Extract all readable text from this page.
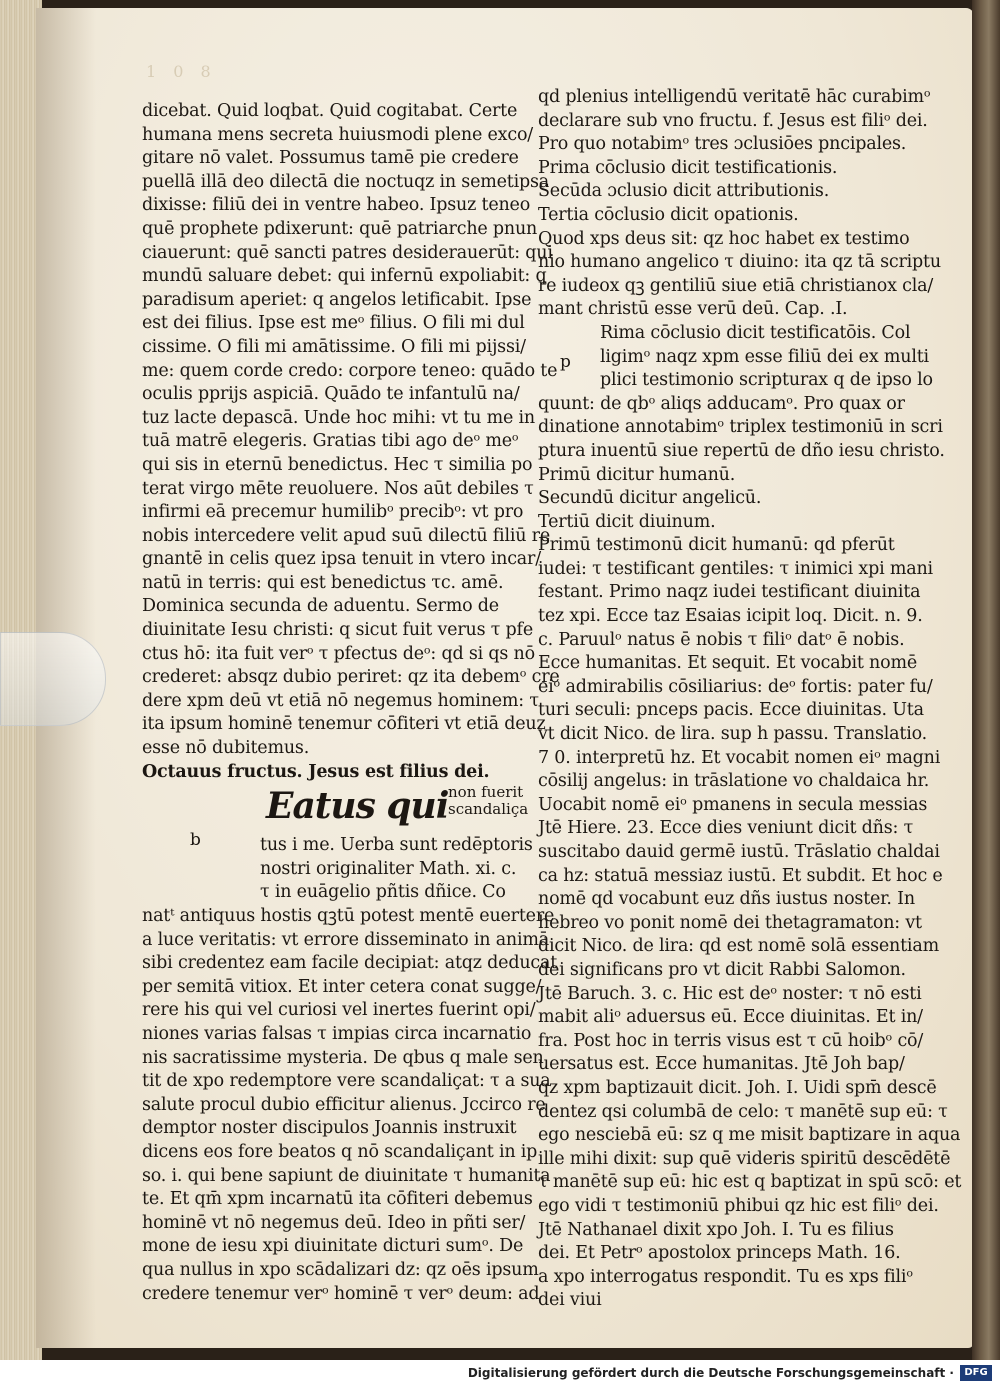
1 0 8
dicebat. Quid loqbat. Quid cogitabat. Certe
humana mens secreta huiusmodi plene exco/
gitare nō valet. Possumus tamē pie credere
puellā illā deo dilectā die noctuqz in semetipsa
dixisse: filiū dei in ventre habeo. Ipsuz teneo
quē prophete pdixerunt: quē patriarche pnun
ciauerunt: quē sancti patres desiderauerūt: qui
mundū saluare debet: qui infernū expoliabit: q
paradisum aperiet: q angelos letificabit. Ipse
est dei filius. Ipse est meᵒ filius. O fili mi dul
cissime. O fili mi amātissime. O fili mi pijssi/
me: quem corde credo: corpore teneo: quādo te
oculis pprijs aspiciā. Quādo te infantulū na/
tuz lacte depascā. Unde hoc mihi: vt tu me in
tuā matrē elegeris. Gratias tibi ago deᵒ meᵒ
qui sis in eternū benedictus. Hec τ similia po
terat virgo mēte reuoluere. Nos aūt debiles τ
infirmi eā precemur humilibᵒ precibᵒ: vt pro
nobis intercedere velit apud suū dilectū filiū re
gnantē in celis quez ipsa tenuit in vtero incar/
natū in terris: qui est benedictus τc. amē.
Dominica secunda de aduentu. Sermo de
diuinitate Iesu christi: q sicut fuit verus τ pfe
ctus hō: ita fuit verᵒ τ pfectus deᵒ: qd si qs nō
crederet: absqz dubio periret: qz ita debemᵒ cre
dere xpm deū vt etiā nō negemus hominem: τ
ita ipsum hominē tenemur cōfiteri vt etiā deuz
esse nō dubitemus.
Octauus fructus. Jesus est filius dei.
Eatus qui
b
non fuerit
scandaliça
tus i me. Uerba sunt redēptoris
nostri originaliter Math. xi. c.
τ in euāgelio pñtis dñice. Co
natᵗ antiquus hostis qꝫtū potest mentē euertere
a luce veritatis: vt errore disseminato in animā
sibi credentez eam facile decipiat: atqz deducat
per semitā vitiox. Et inter cetera conat sugge/
rere his qui vel curiosi vel inertes fuerint opi/
niones varias falsas τ impias circa incarnatio
nis sacratissime mysteria. De qbus q male sen
tit de xpo redemptore vere scandaliçat: τ a sua
salute procul dubio efficitur alienus. Jccirco re
demptor noster discipulos Joannis instruxit
dicens eos fore beatos q nō scandaliçant in ip
so. i. qui bene sapiunt de diuinitate τ humanita
te. Et qm̄ xpm incarnatū ita cōfiteri debemus
hominē vt nō negemus deū. Ideo in pñti ser/
mone de iesu xpi diuinitate dicturi sumᵒ. De
qua nullus in xpo scādalizari dz: qz oēs ipsum
credere tenemur verᵒ hominē τ verᵒ deum: ad
qd plenius intelligendū veritatē hāc curabimᵒ
declarare sub vno fructu. f. Jesus est filiᵒ dei.
Pro quo notabimᵒ tres ɔclusiōes pncipales.
Prima cōclusio dicit testificationis.
Secūda ɔclusio dicit attributionis.
Tertia cōclusio dicit opationis.
Quod xps deus sit: qz hoc habet ex testimo
nio humano angelico τ diuino: ita qz tā scriptu
re iudeox qꝫ gentiliū siue etiā christianox cla/
mant christū esse verū deū. Cap. .I.
Rima cōclusio dicit testificatōis. Col
p ligimᵒ naqz xpm esse filiū dei ex multi
plici testimonio scripturax q de ipso lo
quunt: de qbᵒ aliqs adducamᵒ. Pro quax or
dinatione annotabimᵒ triplex testimoniū in scri
ptura inuentū siue repertū de dño iesu christo.
Primū dicitur humanū.
Secundū dicitur angelicū.
Tertiū dicit diuinum.
Primū testimonū dicit humanū: qd pferūt
iudei: τ testificant gentiles: τ inimici xpi mani
festant. Primo naqz iudei testificant diuinita
tez xpi. Ecce taz Esaias icipit loq. Dicit. n. 9.
c. Paruulᵒ natus ē nobis τ filiᵒ datᵒ ē nobis.
Ecce humanitas. Et sequit. Et vocabit nomē
eiᵒ admirabilis cōsiliarius: deᵒ fortis: pater fu/
turi seculi: pnceps pacis. Ecce diuinitas. Uta
vt dicit Nico. de lira. sup h passu. Translatio.
7 0. interpretū hz. Et vocabit nomen eiᵒ magni
cōsilij angelus: in trāslatione vo chaldaica hr.
Uocabit nomē eiᵒ pmanens in secula messias
Jtē Hiere. 23. Ecce dies veniunt dicit dñs: τ
suscitabo dauid germē iustū. Trāslatio chaldai
ca hz: statuā messiaz iustū. Et subdit. Et hoc e
nomē qd vocabunt euz dñs iustus noster. In
hebreo vo ponit nomē dei thetagramaton: vt
dicit Nico. de lira: qd est nomē solā essentiam
dei significans pro vt dicit Rabbi Salomon.
Jtē Baruch. 3. c. Hic est deᵒ noster: τ nō esti
mabit aliᵒ aduersus eū. Ecce diuinitas. Et in/
fra. Post hoc in terris visus est τ cū hoibᵒ cō/
uersatus est. Ecce humanitas. Jtē Joh bap/
qz xpm baptizauit dicit. Joh. I. Uidi spm̄ descē
dentez qsi columbā de celo: τ manētē sup eū: τ
ego nesciebā eū: sz q me misit baptizare in aqua
ille mihi dixit: sup quē videris spiritū descēdētē
τ manētē sup eū: hic est q baptizat in spū scō: et
ego vidi τ testimoniū phibui qz hic est filiᵒ dei.
Jtē Nathanael dixit xpo Joh. I. Tu es filius
dei. Et Petrᵒ apostolox princeps Math. 16.
a xpo interrogatus respondit. Tu es xps filiᵒ
dei viui
Digitalisierung gefördert durch die Deutsche Forschungsgemeinschaft ·	DFG
